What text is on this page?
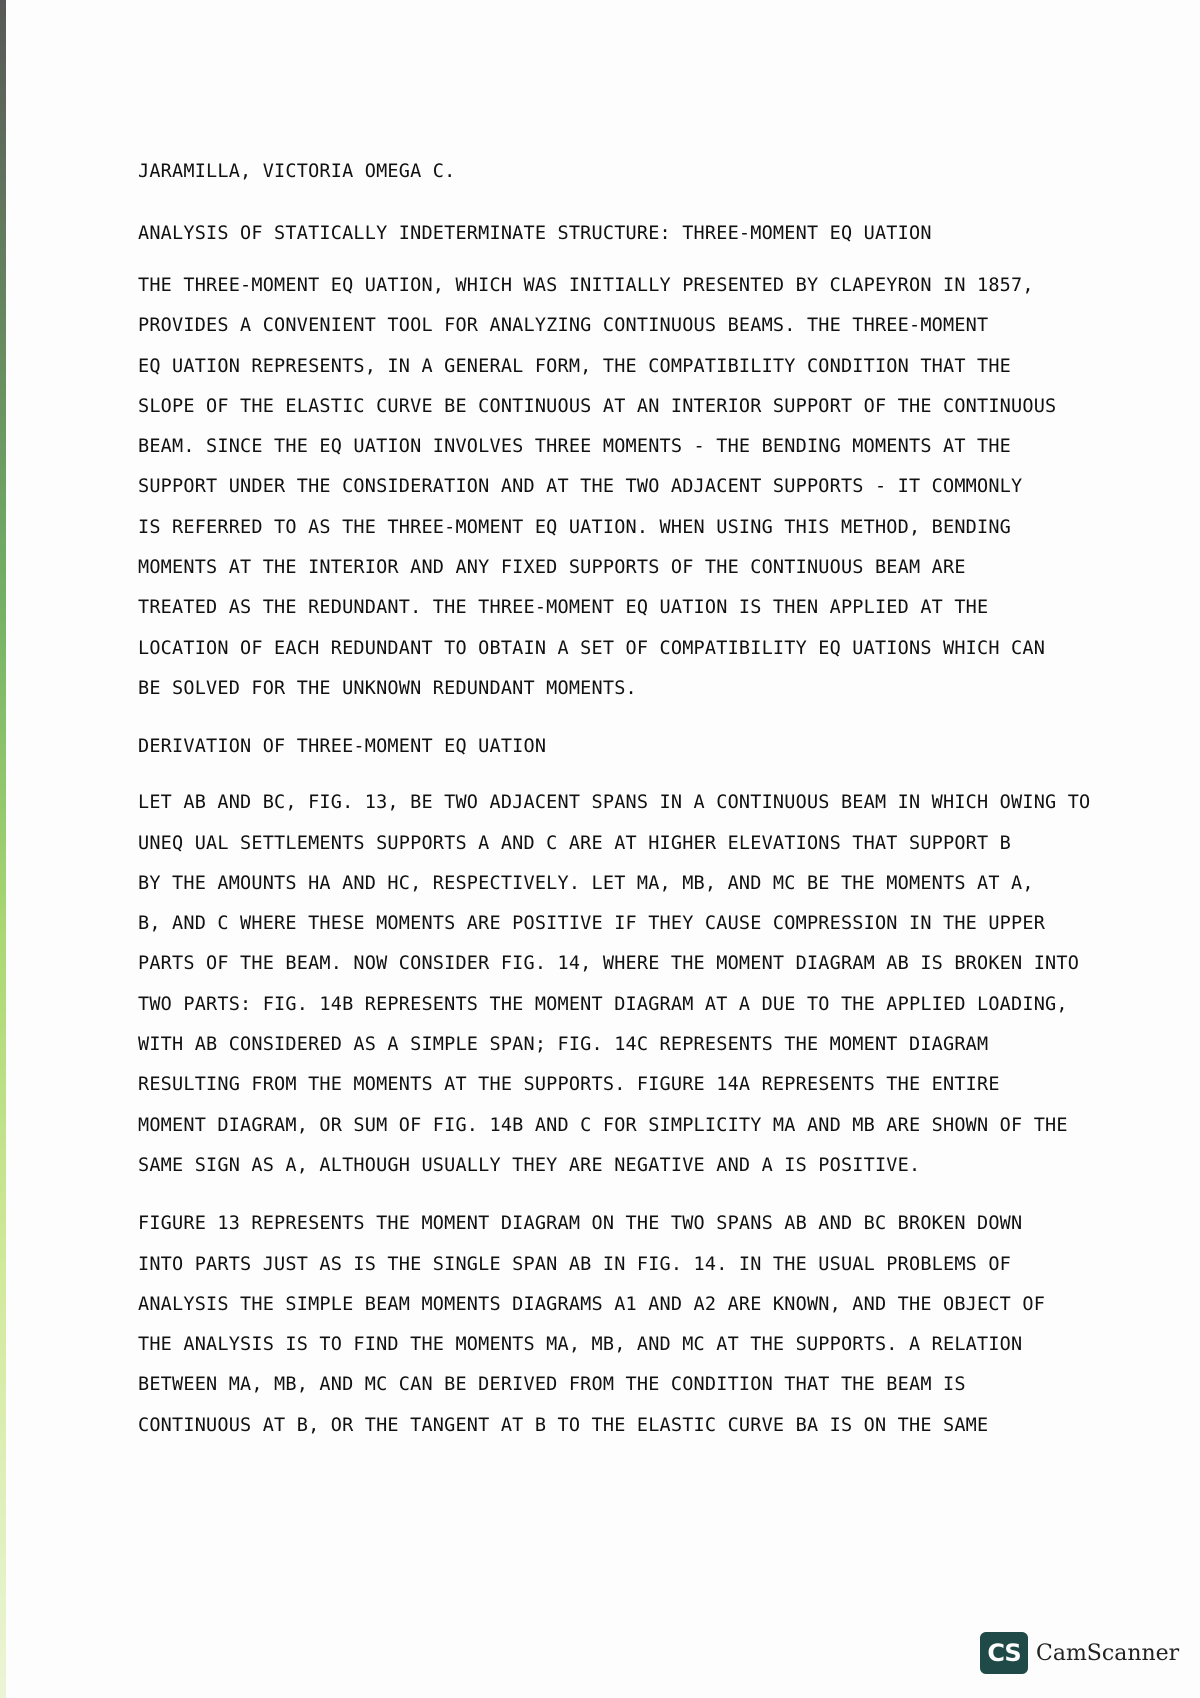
JARAMILLA, VICTORIA OMEGA C.
ANALYSIS OF STATICALLY INDETERMINATE STRUCTURE: THREE-MOMENT EQ UATION

THE THREE-MOMENT EQ UATION, WHICH WAS INITIALLY PRESENTED BY CLAPEYRON IN 1857,

PROVIDES A CONVENIENT TOOL FOR ANALYZING CONTINUOUS BEAMS. THE THREE-MOMENT

EQ UATION REPRESENTS, IN A GENERAL FORM, THE COMPATIBILITY CONDITION THAT THE

SLOPE OF THE ELASTIC CURVE BE CONTINUOUS AT AN INTERIOR SUPPORT OF THE CONTINUOUS

BEAM. SINCE THE EQ UATION INVOLVES THREE MOMENTS - THE BENDING MOMENTS AT THE

SUPPORT UNDER THE CONSIDERATION AND AT THE TWO ADJACENT SUPPORTS - IT COMMONLY

IS REFERRED TO AS THE THREE-MOMENT EQ UATION. WHEN USING THIS METHOD, BENDING

MOMENTS AT THE INTERIOR AND ANY FIXED SUPPORTS OF THE CONTINUOUS BEAM ARE

TREATED AS THE REDUNDANT. THE THREE-MOMENT EQ UATION IS THEN APPLIED AT THE

LOCATION OF EACH REDUNDANT TO OBTAIN A SET OF COMPATIBILITY EQ UATIONS WHICH CAN

BE SOLVED FOR THE UNKNOWN REDUNDANT MOMENTS.

DERIVATION OF THREE-MOMENT EQ UATION

LET AB AND BC, FIG. 13, BE TWO ADJACENT SPANS IN A CONTINUOUS BEAM IN WHICH OWING TO

UNEQ UAL SETTLEMENTS SUPPORTS A AND C ARE AT HIGHER ELEVATIONS THAT SUPPORT B

BY THE AMOUNTS HA AND HC, RESPECTIVELY. LET MA, MB, AND MC BE THE MOMENTS AT A,

B, AND C WHERE THESE MOMENTS ARE POSITIVE IF THEY CAUSE COMPRESSION IN THE UPPER

PARTS OF THE BEAM. NOW CONSIDER FIG. 14, WHERE THE MOMENT DIAGRAM AB IS BROKEN INTO

TWO PARTS: FIG. 14B REPRESENTS THE MOMENT DIAGRAM AT A DUE TO THE APPLIED LOADING,

WITH AB CONSIDERED AS A SIMPLE SPAN; FIG. 14C REPRESENTS THE MOMENT DIAGRAM

RESULTING FROM THE MOMENTS AT THE SUPPORTS. FIGURE 14A REPRESENTS THE ENTIRE

MOMENT DIAGRAM, OR SUM OF FIG. 14B AND C FOR SIMPLICITY MA AND MB ARE SHOWN OF THE

SAME SIGN AS A, ALTHOUGH USUALLY THEY ARE NEGATIVE AND A IS POSITIVE.

FIGURE 13 REPRESENTS THE MOMENT DIAGRAM ON THE TWO SPANS AB AND BC BROKEN DOWN

INTO PARTS JUST AS IS THE SINGLE SPAN AB IN FIG. 14. IN THE USUAL PROBLEMS OF

ANALYSIS THE SIMPLE BEAM MOMENTS DIAGRAMS A1 AND A2 ARE KNOWN, AND THE OBJECT OF

THE ANALYSIS IS TO FIND THE MOMENTS MA, MB, AND MC AT THE SUPPORTS. A RELATION

BETWEEN MA, MB, AND MC CAN BE DERIVED FROM THE CONDITION THAT THE BEAM IS

CONTINUOUS AT B, OR THE TANGENT AT B TO THE ELASTIC CURVE BA IS ON THE SAME

CS CamScanner
